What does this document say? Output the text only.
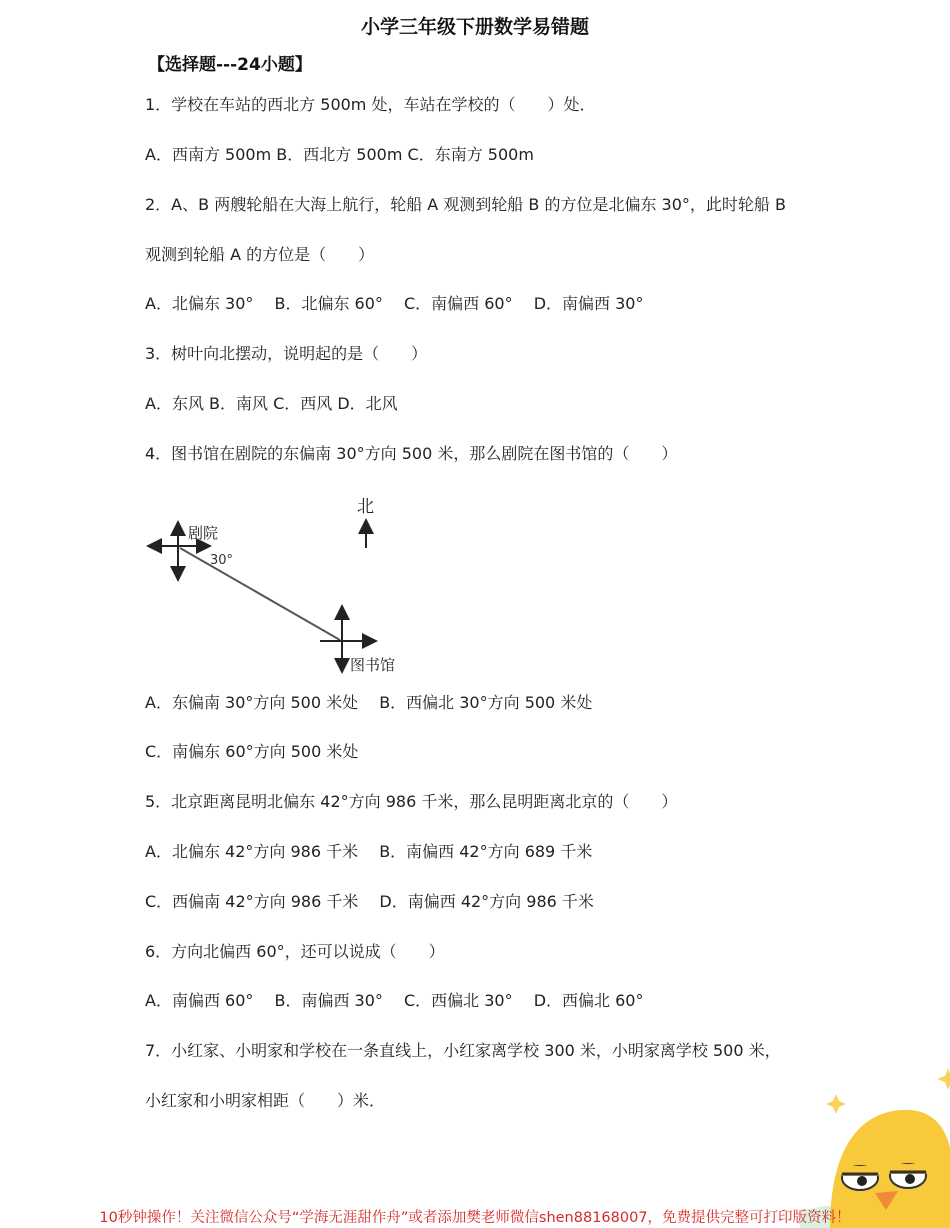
小学三年级下册数学易错题
【选择题---24小题】
1．学校在车站的西北方 500m 处，车站在学校的（　　）处．
A．西南方 500m B．西北方 500m C．东南方 500m
2．A、B 两艘轮船在大海上航行，轮船 A 观测到轮船 B 的方位是北偏东 30°，此时轮船 B
观测到轮船 A 的方位是（　　）
A．北偏东 30°　 B．北偏东 60°　 C．南偏西 60°　 D．南偏西 30°
3．树叶向北摆动，说明起的是（　　）
A．东风 B．南风 C．西风 D．北风
4．图书馆在剧院的东偏南 30°方向 500 米，那么剧院在图书馆的（　　）
北
剧院
30°
图书馆
A．东偏南 30°方向 500 米处　 B．西偏北 30°方向 500 米处
C．南偏东 60°方向 500 米处
5．北京距离昆明北偏东 42°方向 986 千米，那么昆明距离北京的（　　）
A．北偏东 42°方向 986 千米　 B．南偏西 42°方向 689 千米
C．西偏南 42°方向 986 千米　 D．南偏西 42°方向 986 千米
6．方向北偏西 60°，还可以说成（　　）
A．南偏西 60°　 B．南偏西 30°　 C．西偏北 30°　 D．西偏北 60°
7．小红家、小明家和学校在一条直线上，小红家离学校 300 米，小明家离学校 500 米，
小红家和小明家相距（　　）米．
10秒钟操作！关注微信公众号“学海无涯甜作舟”或者添加樊老师微信shen88168007，免费提供完整可打印版资料！
